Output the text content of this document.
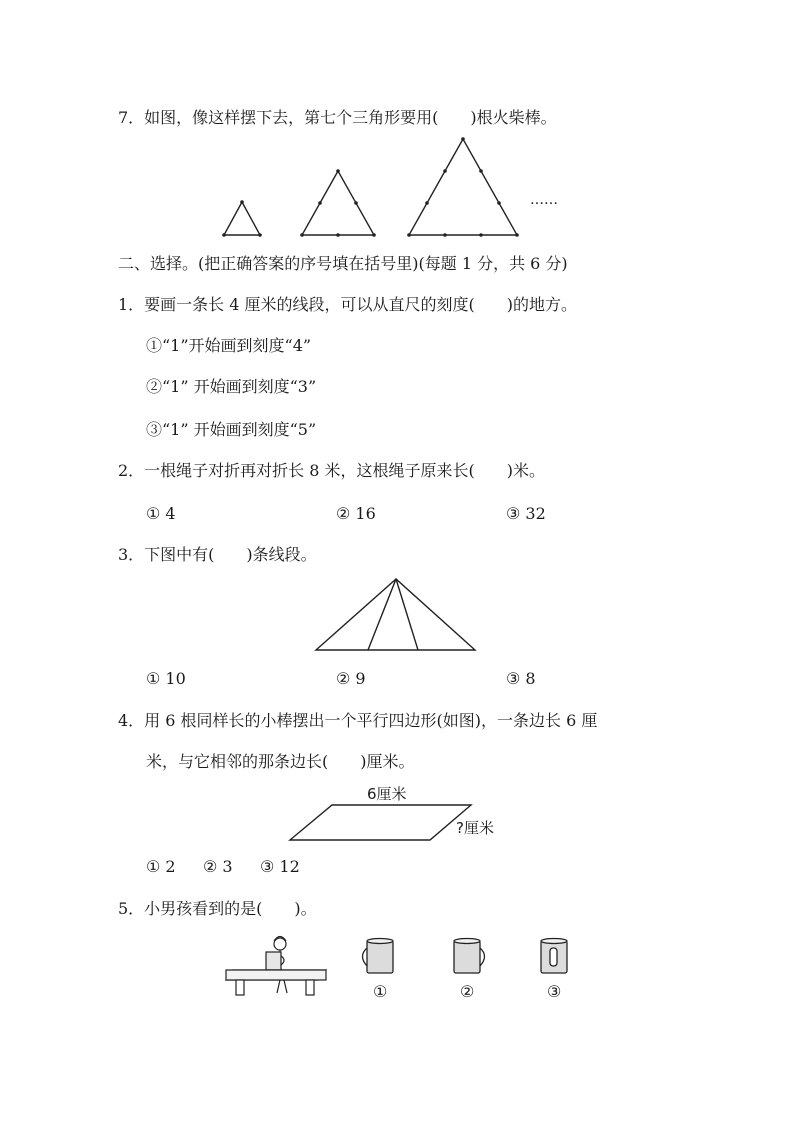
7．如图，像这样摆下去，第七个三角形要用(　　)根火柴棒。
……
二、选择。(把正确答案的序号填在括号里)(每题 1 分，共 6 分)
1．要画一条长 4 厘米的线段，可以从直尺的刻度(　　)的地方。
①“1”开始画到刻度“4”
②“1” 开始画到刻度“3”
③“1” 开始画到刻度“5”
2．一根绳子对折再对折长 8 米，这根绳子原来长(　　)米。
① 4	② 16	③ 32
3．下图中有(　　)条线段。
① 10	② 9	③ 8
4．用 6 根同样长的小棒摆出一个平行四边形(如图)，一条边长 6 厘
米，与它相邻的那条边长(　　)厘米。
6厘米
?厘米
① 2 ② 3 ③ 12
5．小男孩看到的是(　　)。
①	②	③
